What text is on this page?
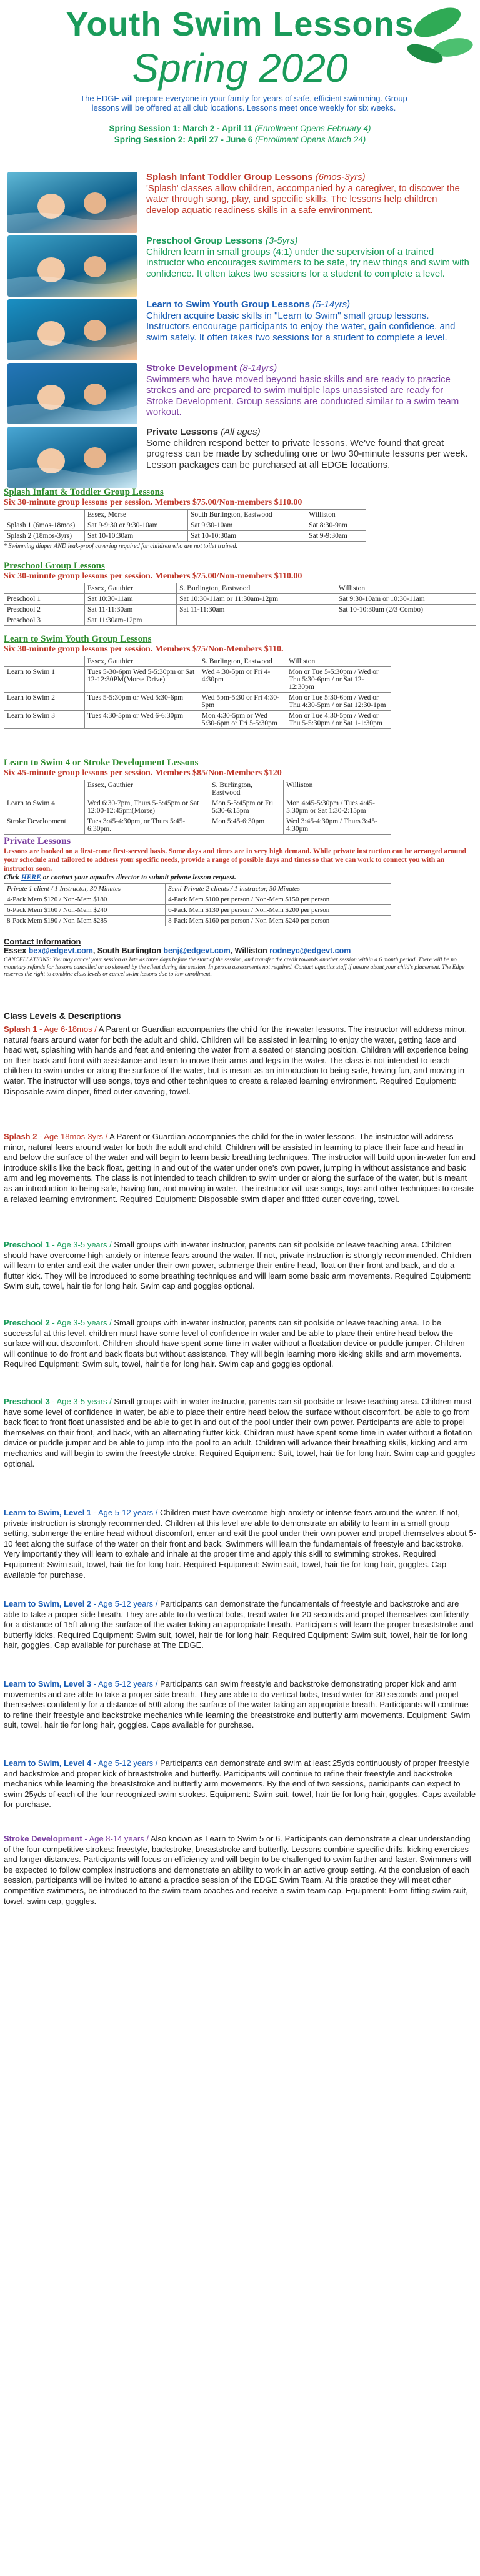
Youth Swim Lessons
Spring 2020
The EDGE will prepare everyone in your family for years of safe, efficient swimming. Group lessons will be offered at all club locations. Lessons meet once weekly for six weeks.
Spring Session 1: March 2 - April 11 (Enrollment Opens February 4)
Spring Session 2: April 27 - June 6 (Enrollment Opens March 24)
Splash Infant Toddler Group Lessons (6mos-3yrs)
'Splash' classes allow children, accompanied by a caregiver, to discover the water through song, play, and specific skills. The lessons help children develop aquatic readiness skills in a safe environment.
Preschool Group Lessons (3-5yrs)
Children learn in small groups (4:1) under the supervision of a trained instructor who encourages swimmers to be safe, try new things and swim with confidence. It often takes two sessions for a student to complete a level.
Learn to Swim Youth Group Lessons (5-14yrs)
Children acquire basic skills in "Learn to Swim" small group lessons. Instructors encourage participants to enjoy the water, gain confidence, and swim safely. It often takes two sessions for a student to complete a level.
Stroke Development (8-14yrs)
Swimmers who have moved beyond basic skills and are ready to practice strokes and are prepared to swim multiple laps unassisted are ready for Stroke Development. Group sessions are conducted similar to a swim team workout.
Private Lessons (All ages)
Some children respond better to private lessons. We've found that great progress can be made by scheduling one or two 30-minute lessons per week. Lesson packages can be purchased at all EDGE locations.
Splash Infant & Toddler Group Lessons
Six 30-minute group lessons per session. Members $75.00/Non-members $110.00
	Essex, Morse	South Burlington, Eastwood	Williston
Splash 1 (6mos-18mos)	Sat 9-9:30 or 9:30-10am	Sat 9:30-10am	Sat 8:30-9am
Splash 2 (18mos-3yrs)	Sat 10-10:30am	Sat 10-10:30am	Sat 9-9:30am
* Swimming diaper AND leak-proof covering required for children who are not toilet trained.
Preschool Group Lessons
Six 30-minute group lessons per session. Members $75.00/Non-members $110.00
	Essex, Gauthier	S. Burlington, Eastwood	Williston
Preschool 1	Sat 10:30-11am	Sat 10:30-11am or 11:30am-12pm	Sat 9:30-10am or 10:30-11am
Preschool 2	Sat 11-11:30am	Sat 11-11:30am	Sat 10-10:30am (2/3 Combo)
Preschool 3	Sat 11:30am-12pm		
Learn to Swim Youth Group Lessons
Six 30-minute group lessons per session. Members $75/Non-Members $110.
	Essex, Gauthier	S. Burlington, Eastwood	Williston
Learn to Swim 1	Tues 5-30-6pm Wed 5-5:30pm or Sat 12-12:30PM(Morse Drive)	Wed 4:30-5pm or Fri 4-4:30pm	Mon or Tue 5-5:30pm / Wed or Thu 5:30-6pm / or Sat 12-12:30pm
Learn to Swim 2	Tues 5-5:30pm or Wed 5:30-6pm	Wed 5pm-5:30 or Fri 4:30-5pm	Mon or Tue 5:30-6pm / Wed or Thu 4:30-5pm / or Sat 12:30-1pm
Learn to Swim 3	Tues 4:30-5pm or Wed 6-6:30pm	Mon 4:30-5pm or Wed 5:30-6pm or Fri 5-5:30pm	Mon or Tue 4:30-5pm / Wed or Thu 5-5:30pm / or Sat 1-1:30pm
Learn to Swim 4 or Stroke Development Lessons
Six 45-minute group lessons per session. Members $85/Non-Members $120
	Essex, Gauthier	S. Burlington, Eastwood	Williston
Learn to Swim 4	Wed 6:30-7pm, Thurs 5-5:45pm or Sat 12:00-12:45pm(Morse)	Mon 5-5:45pm or Fri 5:30-6:15pm	Mon 4:45-5:30pm / Tues 4:45-5:30pm or Sat 1:30-2:15pm
Stroke Development	Tues 3:45-4:30pm, or Thurs 5:45-6:30pm.	Mon 5:45-6:30pm	Wed 3:45-4:30pm / Thurs 3:45-4:30pm
Private Lessons
Lessons are booked on a first-come first-served basis. Some days and times are in very high demand. While private instruction can be arranged around your schedule and tailored to address your specific needs, provide a range of possible days and times so that we can work to connect you with an instructor soon.
Click HERE or contact your aquatics director to submit private lesson request.
Private 1 client / 1 Instructor, 30 Minutes	Semi-Private 2 clients / 1 instructor, 30 Minutes
4-Pack Mem $120 / Non-Mem $180	4-Pack Mem $100 per person / Non-Mem $150 per person
6-Pack Mem $160 / Non-Mem $240	6-Pack Mem $130 per person / Non-Mem $200 per person
8-Pack Mem $190 / Non-Mem $285	8-Pack Mem $160 per person / Non-Mem $240 per person
Contact Information
Essex bex@edgevt.com, South Burlington benj@edgevt.com, Williston rodneyc@edgevt.com
CANCELLATIONS: You may cancel your session as late as three days before the start of the session, and transfer the credit towards another session within a 6 month period. There will be no monetary refunds for lessons cancelled or no showed by the client during the session. In person assessments not required. Contact aquatics staff if unsure about your child's placement. The Edge reserves the right to combine class levels or cancel swim lessons due to low enrollment.
Class Levels & Descriptions
Splash 1 - Age 6-18mos / A Parent or Guardian accompanies the child for the in-water lessons. The instructor will address minor, natural fears around water for both the adult and child. Children will be assisted in learning to enjoy the water, getting face and head wet, splashing with hands and feet and entering the water from a seated or standing position. Children will experience being on their back and front with assistance and learn to move their arms and legs in the water. The class is not intended to teach children to swim under or along the surface of the water, but is meant as an introduction to being safe, having fun, and moving in water. The instructor will use songs, toys and other techniques to create a relaxed learning environment. Required Equipment: Disposable swim diaper, fitted outer covering, towel.
Splash 2 - Age 18mos-3yrs / A Parent or Guardian accompanies the child for the in-water lessons. The instructor will address minor, natural fears around water for both the adult and child. Children will be assisted in learning to place their face and head in and below the surface of the water and will begin to learn basic breathing techniques. The instructor will build upon in-water fun and introduce skills like the back float, getting in and out of the water under one's own power, jumping in without assistance and basic arm and leg movements. The class is not intended to teach children to swim under or along the surface of the water, but is meant as an introduction to being safe, having fun, and moving in water. The instructor will use songs, toys and other techniques to create a relaxed learning environment. Required Equipment: Disposable swim diaper and fitted outer covering, towel.
Preschool 1 - Age 3-5 years / Small groups with in-water instructor, parents can sit poolside or leave teaching area. Children should have overcome high-anxiety or intense fears around the water. If not, private instruction is strongly recommended. Children will learn to enter and exit the water under their own power, submerge their entire head, float on their front and back, and do a flutter kick. They will be introduced to some breathing techniques and will learn some basic arm movements. Required Equipment: Swim suit, towel, hair tie for long hair. Swim cap and goggles optional.
Preschool 2 - Age 3-5 years / Small groups with in-water instructor, parents can sit poolside or leave teaching area. To be successful at this level, children must have some level of confidence in water and be able to place their entire head below the surface without discomfort. Children should have spent some time in water without a floatation device or puddle jumper. Children will continue to do front and back floats but without assistance. They will begin learning more kicking skills and arm movements. Required Equipment: Swim suit, towel, hair tie for long hair. Swim cap and goggles optional.
Preschool 3 - Age 3-5 years / Small groups with in-water instructor, parents can sit poolside or leave teaching area. Children must have some level of confidence in water, be able to place their entire head below the surface without discomfort, be able to go from back float to front float unassisted and be able to get in and out of the pool under their own power. Participants are able to propel themselves on their front, and back, with an alternating flutter kick. Children must have spent some time in water without a flotation device or puddle jumper and be able to jump into the pool to an adult. Children will advance their breathing skills, kicking and arm mechanics and will begin to swim the freestyle stroke. Required Equipment: Suit, towel, hair tie for long hair. Swim cap and goggles optional.
Learn to Swim, Level 1 - Age 5-12 years / Children must have overcome high-anxiety or intense fears around the water. If not, private instruction is strongly recommended. Children at this level are able to demonstrate an ability to learn in a small group setting, submerge the entire head without discomfort, enter and exit the pool under their own power and propel themselves about 5-10 feet along the surface of the water on their front and back. Swimmers will learn the fundamentals of freestyle and backstroke. Very importantly they will learn to exhale and inhale at the proper time and apply this skill to swimming strokes. Required Equipment: Swim suit, towel, hair tie for long hair. Required Equipment: Swim suit, towel, hair tie for long hair, goggles. Cap available for purchase.
Learn to Swim, Level 2 - Age 5-12 years / Participants can demonstrate the fundamentals of freestyle and backstroke and are able to take a proper side breath. They are able to do vertical bobs, tread water for 20 seconds and propel themselves confidently for a distance of 15ft along the surface of the water taking an appropriate breath. Participants will learn the proper breaststroke and butterfly kicks. Required Equipment: Swim suit, towel, hair tie for long hair. Required Equipment: Swim suit, towel, hair tie for long hair, goggles. Cap available for purchase at The EDGE.
Learn to Swim, Level 3 - Age 5-12 years / Participants can swim freestyle and backstroke demonstrating proper kick and arm movements and are able to take a proper side breath. They are able to do vertical bobs, tread water for 30 seconds and propel themselves confidently for a distance of 50ft along the surface of the water taking an appropriate breath. Participants will continue to refine their freestyle and backstroke mechanics while learning the breaststroke and butterfly arm movements. Equipment: Swim suit, towel, hair tie for long hair, goggles. Caps available for purchase.
Learn to Swim, Level 4 - Age 5-12 years / Participants can demonstrate and swim at least 25yds continuously of proper freestyle and backstroke and proper kick of breaststroke and butterfly. Participants will continue to refine their freestyle and backstroke mechanics while learning the breaststroke and butterfly arm movements. By the end of two sessions, participants can expect to swim 25yds of each of the four recognized swim strokes. Equipment: Swim suit, towel, hair tie for long hair, goggles. Caps available for purchase.
Stroke Development - Age 8-14 years / Also known as Learn to Swim 5 or 6. Participants can demonstrate a clear understanding of the four competitive strokes: freestyle, backstroke, breaststroke and butterfly. Lessons combine specific drills, kicking exercises and longer distances. Participants will focus on efficiency and will begin to be challenged to swim farther and faster. Swimmers will be expected to follow complex instructions and demonstrate an ability to work in an active group setting. At the conclusion of each session, participants will be invited to attend a practice session of the EDGE Swim Team. At this practice they will meet other competitive swimmers, be introduced to the swim team coaches and receive a swim team cap. Equipment: Form-fitting swim suit, towel, swim cap, goggles.
